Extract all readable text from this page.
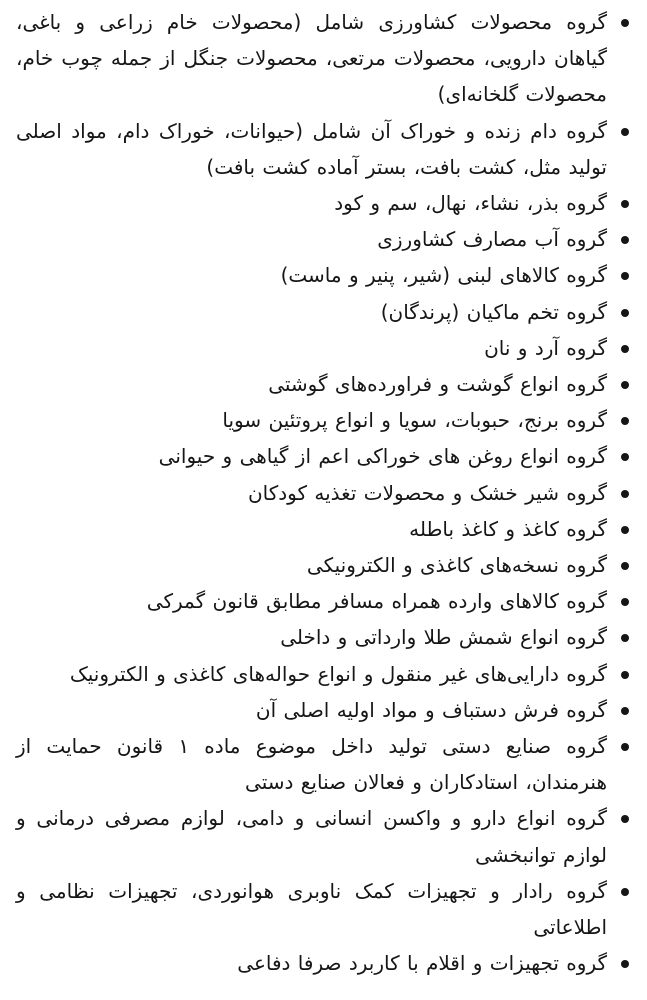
گروه محصولات کشاورزی شامل (محصولات خام زراعی و باغی، گیاهان دارویی، محصولات مرتعی، محصولات جنگل از جمله چوب خام، محصولات گلخانه‌ای)
گروه دام زنده و خوراک آن شامل (حیوانات، خوراک دام، مواد اصلی تولید مثل، کشت بافت، بستر آماده کشت بافت)
گروه بذر، نشاء، نهال، سم و کود
گروه آب مصارف کشاورزی
گروه کالاهای لبنی (شیر، پنیر و ماست)
گروه تخم ماکیان (پرندگان)
گروه آرد و نان
گروه انواع گوشت و فراورده‌های گوشتی
گروه برنج، حبوبات، سویا و انواع پروتئین سویا
گروه انواع روغن های خوراکی اعم از گیاهی و حیوانی
گروه شیر خشک و محصولات تغذیه کودکان
گروه کاغذ و کاغذ باطله
گروه نسخه‌های کاغذی و الکترونیکی
گروه کالاهای وارده همراه مسافر مطابق قانون گمرکی
گروه انواع شمش طلا وارداتی و داخلی
گروه دارایی‌های غیر منقول و انواع حواله‌های کاغذی و الکترونیک
گروه فرش دستباف و مواد اولیه اصلی آن
گروه صنایع دستی تولید داخل موضوع ماده ۱ قانون حمایت از هنرمندان، استادکاران و فعالان صنایع دستی
گروه انواع دارو و واکسن انسانی و دامی، لوازم مصرفی درمانی و لوازم توانبخشی
گروه رادار و تجهیزات کمک ناوبری هوانوردی، تجهیزات نظامی و اطلاعاتی
گروه تجهیزات و اقلام با کاربرد صرفا دفاعی
